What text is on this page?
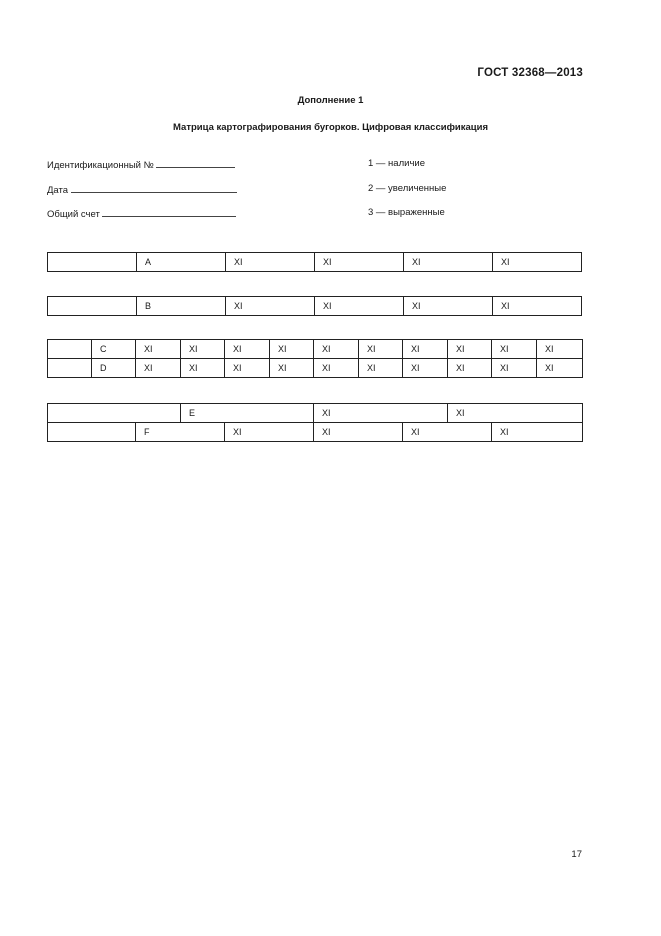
ГОСТ 32368—2013
Дополнение 1
Матрица картографирования бугорков. Цифровая классификация
Идентификационный №
Дата
Общий счет
1 — наличие
2 — увеличенные
3 — выраженные
	A	XI	XI	XI	XI
	B	XI	XI	XI	XI
	C	XI	XI	XI	XI	XI	XI	XI	XI	XI	XI
	D	XI	XI	XI	XI	XI	XI	XI	XI	XI	XI
		E		XI		XI	
	F		XI	XI	XI		XI
17
